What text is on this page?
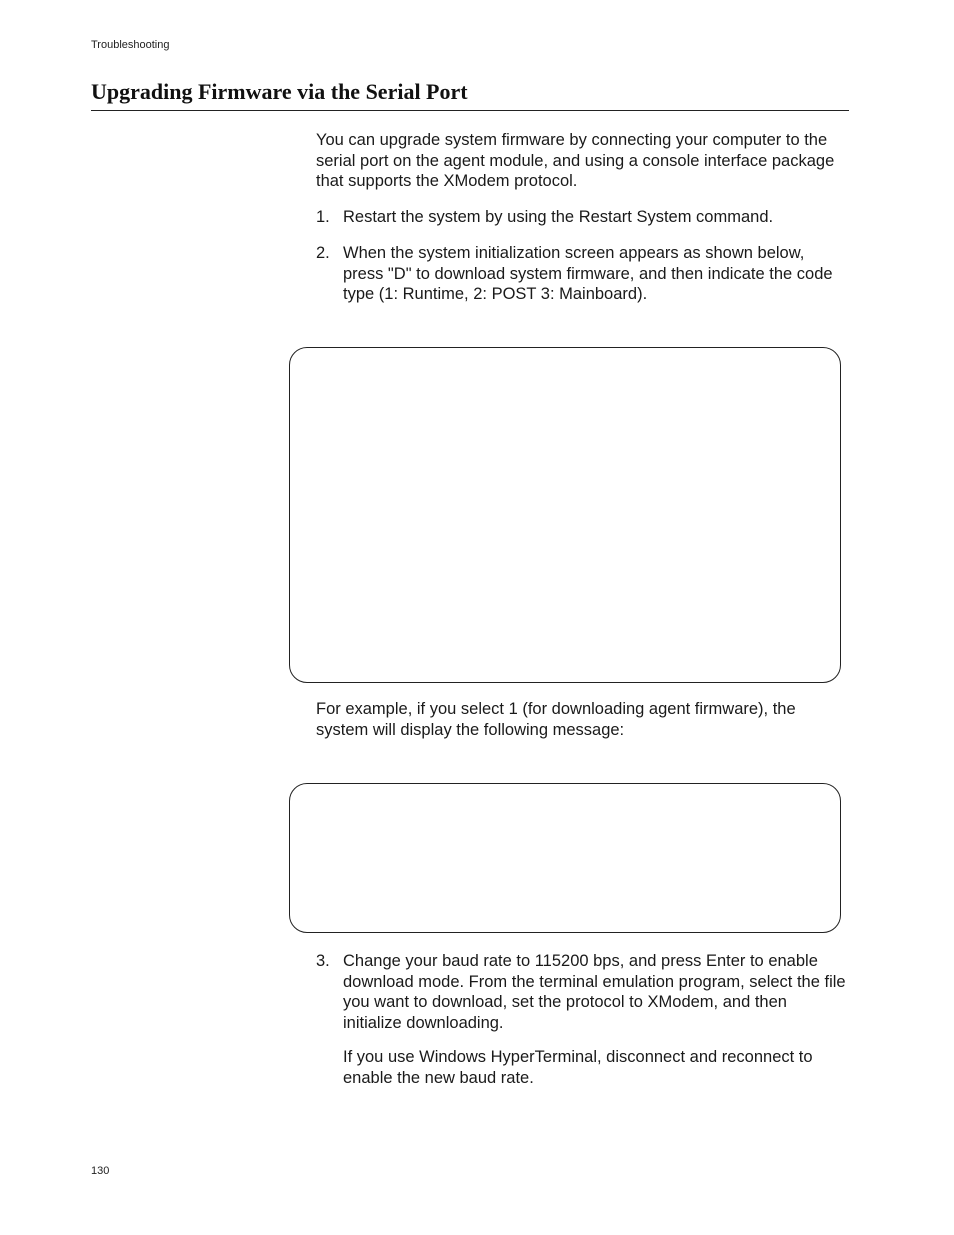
Troubleshooting
Upgrading Firmware via the Serial Port

You can upgrade system firmware by connecting your computer to the serial port on the agent module, and using a console interface package that supports the XModem protocol.

1. Restart the system by using the Restart System command.
2. When the system initialization screen appears as shown below, press "D" to download system firmware, and then indicate the code type (1: Runtime, 2: POST 3: Mainboard).

For example, if you select 1 (for downloading agent firmware), the system will display the following message:

3. Change your baud rate to 115200 bps, and press Enter to enable download mode. From the terminal emulation program, select the file you want to download, set the protocol to XModem, and then initialize downloading.

If you use Windows HyperTerminal, disconnect and reconnect to enable the new baud rate.

130
